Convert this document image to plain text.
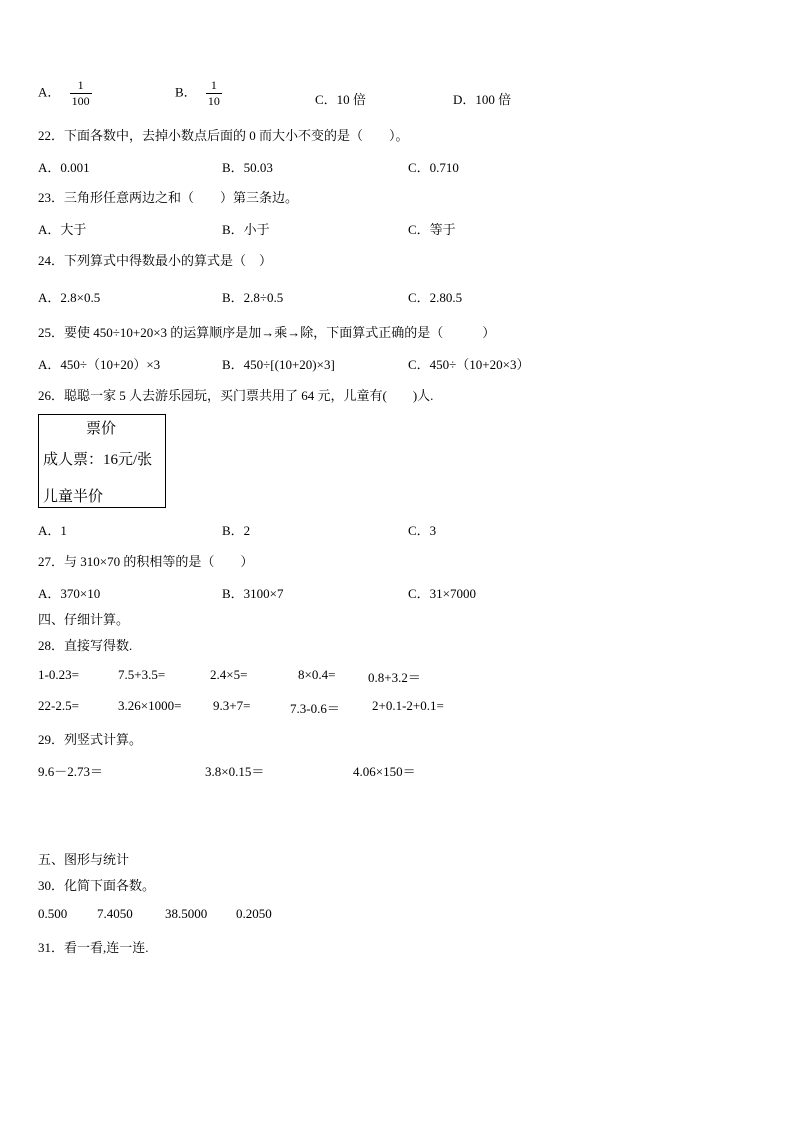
A． $\frac{1}{100}$	B． $\frac{1}{10}$	C．10 倍	D．100 倍
22．下面各数中，去掉小数点后面的 0 而大小不变的是（　　）。
A．0.001	B．50.03	C．0.710
23．三角形任意两边之和（　　）第三条边。
A．大于	B．小于	C．等于
24．下列算式中得数最小的算式是（　）
A．2.8×0.5	B．2.8÷0.5	C．2.80.5
25．要使 450÷10+20×3 的运算顺序是加→乘→除，下面算式正确的是（　　　）
A．450÷（10+20）×3	B．450÷[(10+20)×3]	C．450÷（10+20×3）
26．聪聪一家 5 人去游乐园玩，买门票共用了 64 元，儿童有(　　)人.
票价
成人票：16元/张
儿童半价
A．1	B．2	C．3
27．与 310×70 的积相等的是（　　）
A．370×10	B．3100×7	C．31×7000
四、仔细计算。
28．直接写得数.
1-0.23=	7.5+3.5=	2.4×5=	8×0.4=	0.8+3.2＝
22-2.5=	3.26×1000= 9.3+7=	7.3-0.6＝ 2+0.1-2+0.1=
29．列竖式计算。
9.6－2.73＝	3.8×0.15＝	4.06×150＝
五、图形与统计
30．化简下面各数。
0.500 7.4050 38.5000 0.2050
31．看一看,连一连.
